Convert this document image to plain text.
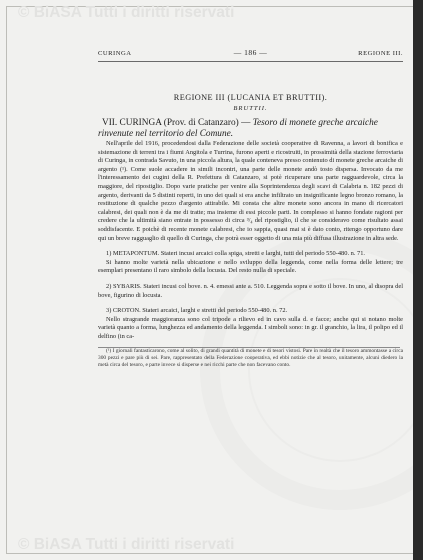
© BiASA Tutti i diritti riservati
© BiASA Tutti i diritti riservati
CURINGA	— 186 —	REGIONE III.
REGIONE III (LUCANIA ET BRUTTII).
BRUTTII.
VII. CURINGA (Prov. di Catanzaro) — Tesoro di monete greche arcaiche rinvenute nel territorio del Comune.

Nell'aprile del 1916, procedendosi dalla Federazione delle società cooperative di Ravenna, a lavori di bonifica e sistemazione di terreni tra i fiumi Angitola e Turrina, furono aperti e ricostruiti, in prossimità della stazione ferroviaria di Curinga, in contrada Savuto, in una piccola altura, la quale conteneva presso contenuto di monete greche arcaiche di argento (¹). Come suole accadere in simili incontri, una parte delle monete andò tosto dispersa. Invocato da me l'interessamento dei cugini della R. Prefettura di Catanzaro, si potè ricuperare una parte ragguardevole, circa la maggiore, del ripostiglio. Dopo varie pratiche per venire alla Soprintendenza degli scavi di Calabria n. 182 pezzi di argento, derivanti da 5 distinti reperti, in uno dei quali si era anche infiltrato un insignificante legno bronzo romano, la restituzione di qualche pezzo d'argento attirabile. Mi consta che altre monete sono ancora in mano di ricercatori calabresi, dei quali non è da me di tratte; ma insieme di essi piccole parti. In complesso si hanno fondate ragioni per credere che la ultimità siano entrate in possesso di circa ³/₄ del ripostiglio, il che se consideravo come risultato assai soddisfacente. E poichè di recente monete calabresi, che io sappia, quasi mai si è dato conto, ritengo opportuno dare qui un breve ragguaglio di quello di Curinga, che potrà esser oggetto di una mia più diffusa illustrazione in altra sede.

1) METAPONTUM. Stateri incusi arcaici colla spiga, stretti e larghi, tutti del periodo 550-480. n. 71.

Si hanno molte varietà nella ubicazione e nello sviluppo della leggenda, come nella forma delle lettere; tre esemplari presentano il raro simbolo della locusta. Del resto nulla di speciale.

2) SYBARIS. Stateri incusi col bove. n. 4. emessi ante a. 510. Leggenda sopra e sotto il bove. In uno, al disopra del bove, figurino di locusta.

3) CROTON. Stateri arcaici, larghi e stretti del periodo 550-480. n. 72.

Nello stragrande maggioranza sono col tripode a rilievo ed in cavo sulla d. e facce; anche qui si notano molte varietà quanto a forma, lunghezza ed andamento della leggenda. I simboli sono: in gr. il granchio, la lira, il polipo ed il delfino (in ca-

(¹) I giornali fantasticarono, come al solito, di grandi quantità di monete e di tesori vistosi. Pare in realtà che il tesoro ammontasse a circa 300 pezzi e pare più di sei. Pare, rappresentato della Federazione cooperativa, ed ebbi notizie che al tesoro, unitamente, alcuni diedero la metà circa del tesoro, e parte invece si disperse e nei ricchi parte che non facevano conto.
